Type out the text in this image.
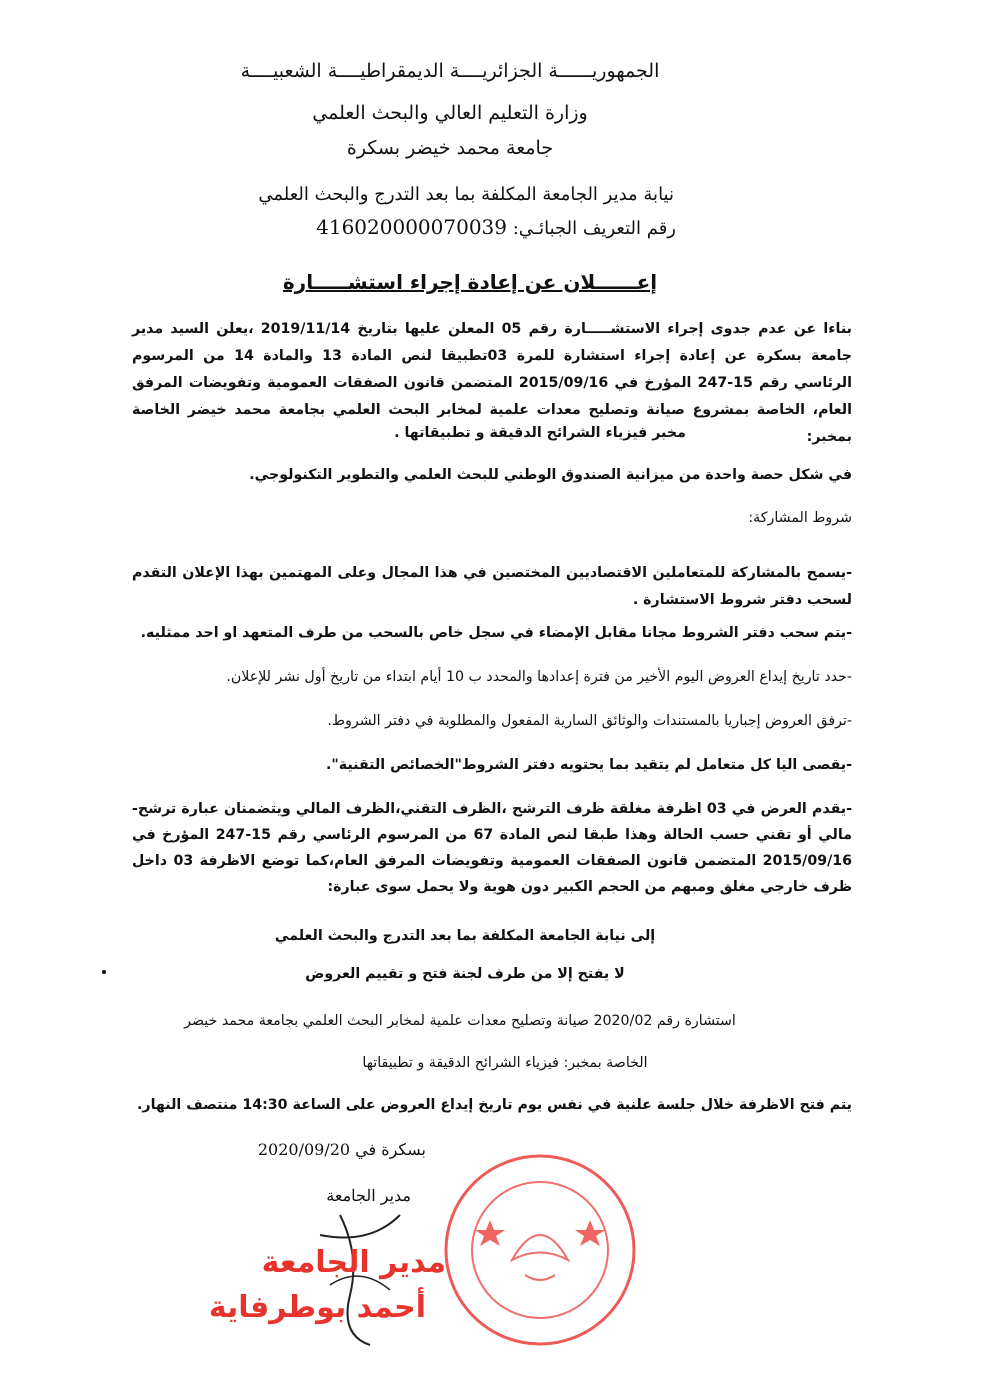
الجمهوريــــــة الجزائريــــة الديمقراطيــــة الشعبيــــة
وزارة التعليم العالي والبحث العلمي
جامعة محمد خيضر بسكرة
نيابة مدير الجامعة المكلفة بما بعد التدرج والبحث العلمي
رقم التعريف الجبائـي: 416020000070039
إعــــــلان عن إعادة إجراء استشـــــارة
بناءا عن عدم جدوى إجراء الاستشـــــارة رقم 05 المعلن عليها بتاريخ 2019/11/14 ،يعلن السيد مدير جامعة بسكرة عن إعادة إجراء استشارة للمرة 03تطبيقا لنص المادة 13 والمادة 14 من المرسوم الرئاسي رقم 15-247 المؤرخ في 2015/09/16 المتضمن قانون الصفقات العمومية وتفويضات المرفق العام، الخاصة بمشروع صيانة وتصليح معدات علمية لمخابر البحث العلمي بجامعة محمد خيضر الخاصة بمخبر:
مخبر فيزياء الشرائح الدقيقة و تطبيقاتها .
في شكل حصة واحدة من ميزانية الصندوق الوطني للبحث العلمي والتطوير التكنولوجي.
شروط المشاركة:
-يسمح بالمشاركة للمتعاملين الاقتصاديين المختصين في هذا المجال وعلى المهتمين بهذا الإعلان التقدم لسحب دفتر شروط الاستشارة .
-يتم سحب دفتر الشروط مجانا مقابل الإمضاء في سجل خاص بالسحب من طرف المتعهد او احد ممثليه.
-حدد تاريخ إيداع العروض اليوم الأخير من فترة إعدادها والمحدد ب 10 أيام ابتداء من تاريخ أول نشر للإعلان.
-ترفق العروض إجباريا بالمستندات والوثائق السارية المفعول والمطلوبة في دفتر الشروط.
-يقصى اليا كل متعامل لم يتقيد بما يحتويه دفتر الشروط"الخصائص التقنية".
-يقدم العرض في 03 اظرفة مغلقة ظرف الترشح ،الظرف التقني،الظرف المالي ويتضمنان عبارة ترشح-مالي أو تقني حسب الحالة وهذا طبقا لنص المادة 67 من المرسوم الرئاسي رقم 15-247 المؤرخ في 2015/09/16 المتضمن قانون الصفقات العمومية وتفويضات المرفق العام،كما توضع الاظرفة 03 داخل ظرف خارجي مغلق ومبهم من الحجم الكبير دون هوية ولا يحمل سوى عبارة:
إلى نيابة الجامعة المكلفة بما بعد التدرج والبحث العلمي
لا يفتح إلا من طرف لجنة فتح و تقييم العروض
استشارة رقم 2020/02 صيانة وتصليح معدات علمية لمخابر البحث العلمي بجامعة محمد خيضر
الخاصة بمخبر: فيزياء الشرائح الدقيقة و تطبيقاتها
يتم فتح الاظرفة خلال جلسة علنية في نفس يوم تاريخ إيداع العروض على الساعة 14:30 منتصف النهار.
بسكرة في 2020/09/20
مدير الجامعة
مدير الجامعة
أحمد بوطرفاية
